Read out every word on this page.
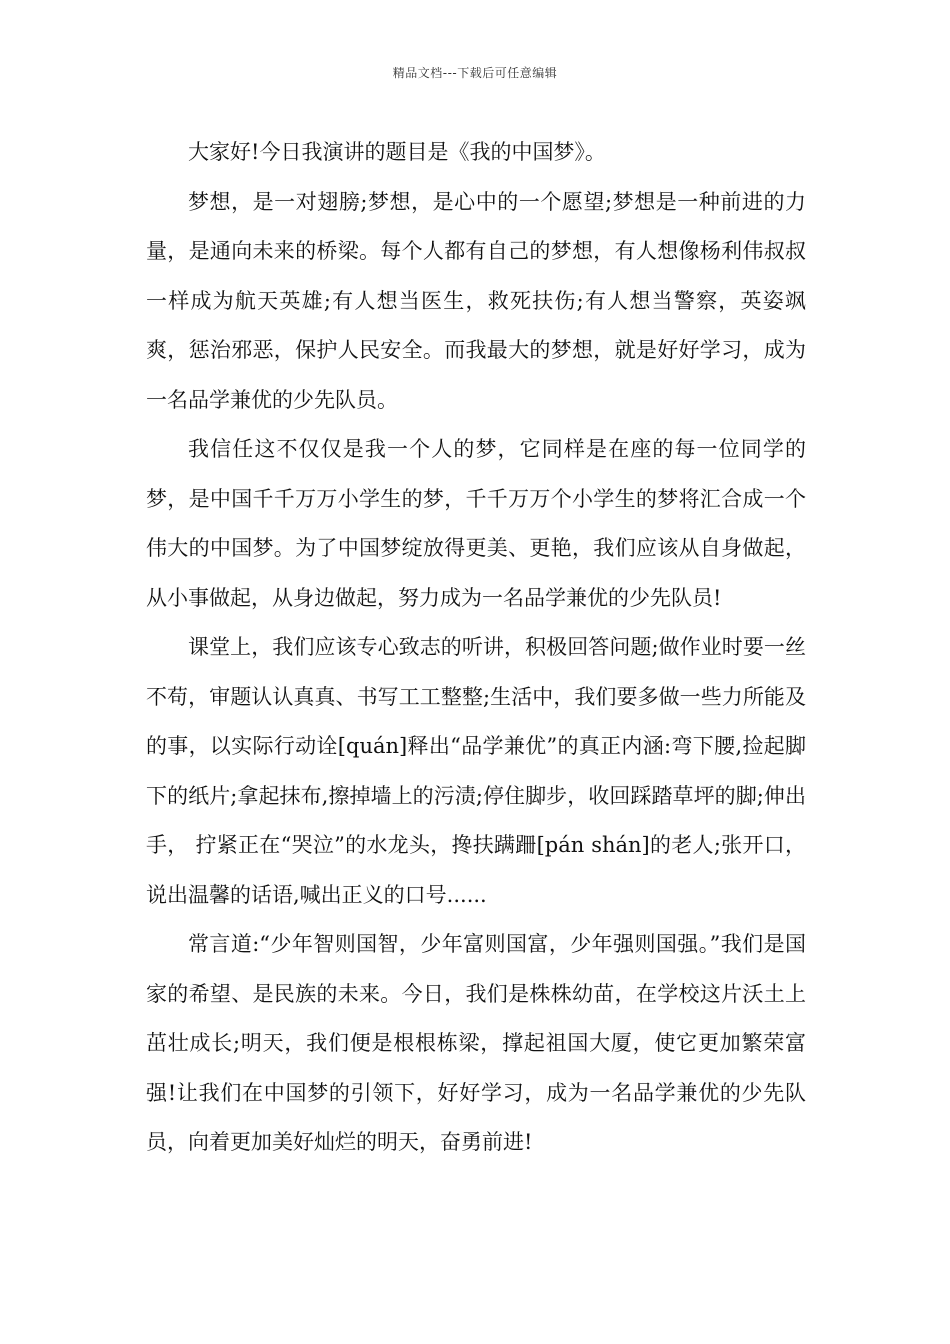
精品文档---下载后可任意编辑

大家好!今日我演讲的题目是《我的中国梦》。

梦想，是一对翅膀;梦想，是心中的一个愿望;梦想是一种前进的力量，是通向未来的桥梁。每个人都有自己的梦想，有人想像杨利伟叔叔一样成为航天英雄;有人想当医生，救死扶伤;有人想当警察，英姿飒爽，惩治邪恶，保护人民安全。而我最大的梦想，就是好好学习，成为一名品学兼优的少先队员。

我信任这不仅仅是我一个人的梦，它同样是在座的每一位同学的梦，是中国千千万万小学生的梦，千千万万个小学生的梦将汇合成一个伟大的中国梦。为了中国梦绽放得更美、更艳，我们应该从自身做起，从小事做起，从身边做起，努力成为一名品学兼优的少先队员!

课堂上，我们应该专心致志的听讲，积极回答问题;做作业时要一丝不苟，审题认认真真、书写工工整整;生活中，我们要多做一些力所能及的事，以实际行动诠[quán]释出“品学兼优”的真正内涵:弯下腰,捡起脚下的纸片;拿起抹布,擦掉墙上的污渍;停住脚步，收回踩踏草坪的脚;伸出手， 拧紧正在“哭泣”的水龙头，搀扶蹒跚[pán shán]的老人;张开口， 说出温馨的话语,喊出正义的口号......

常言道:“少年智则国智，少年富则国富，少年强则国强。”我们是国家的希望、是民族的未来。今日，我们是株株幼苗，在学校这片沃土上茁壮成长;明天，我们便是根根栋梁，撑起祖国大厦，使它更加繁荣富强!让我们在中国梦的引领下，好好学习，成为一名品学兼优的少先队员，向着更加美好灿烂的明天，奋勇前进!
